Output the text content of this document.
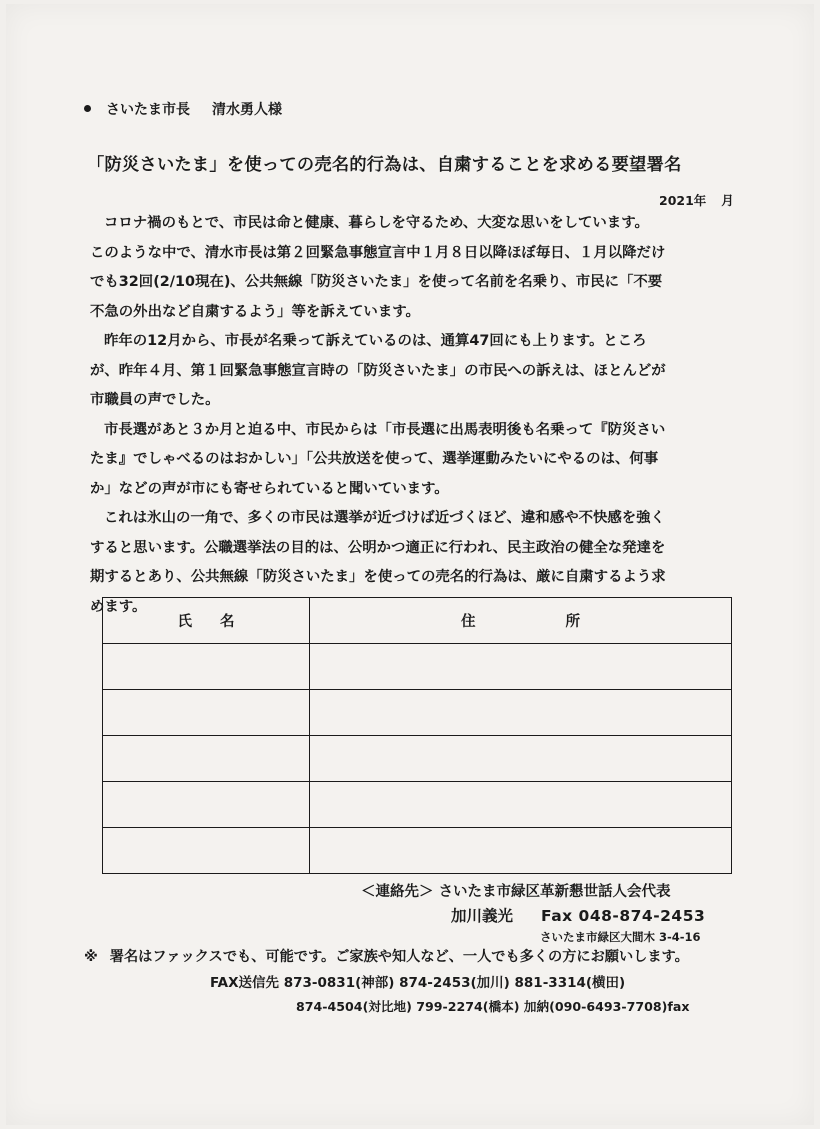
さいたま市長 清水勇人様
「防災さいたま」を使っての売名的行為は、自粛することを求める要望署名
2021年 月

コロナ禍のもとで、市民は命と健康、暮らしを守るため、大変な思いをしています。

このような中で、清水市長は第２回緊急事態宣言中１月８日以降ほぼ毎日、１月以降だけ

でも32回(2/10現在)、公共無線「防災さいたま」を使って名前を名乗り、市民に「不要

不急の外出など自粛するよう」等を訴えています。

昨年の12月から、市長が名乗って訴えているのは、通算47回にも上ります。ところ

が、昨年４月、第１回緊急事態宣言時の「防災さいたま」の市民への訴えは、ほとんどが

市職員の声でした。

市長選があと３か月と迫る中、市民からは「市長選に出馬表明後も名乗って『防災さい

たま』でしゃべるのはおかしい」「公共放送を使って、選挙運動みたいにやるのは、何事

か」などの声が市にも寄せられていると聞いています。

これは氷山の一角で、多くの市民は選挙が近づけば近づくほど、違和感や不快感を強く

すると思います。公職選挙法の目的は、公明かつ適正に行われ、民主政治の健全な発達を

期するとあり、公共無線「防災さいたま」を使っての売名的行為は、厳に自粛するよう求

めます。

氏 名	住 所

＜連絡先＞ さいたま市緑区革新懇世話人会代表
加川義光 Fax 048-874-2453
さいたま市緑区大間木 3-4-16
※ 署名はファックスでも、可能です。ご家族や知人など、一人でも多くの方にお願いします。
FAX送信先 873-0831(神部) 874-2453(加川) 881-3314(横田)
874-4504(対比地) 799-2274(橋本) 加納(090-6493-7708)fax
